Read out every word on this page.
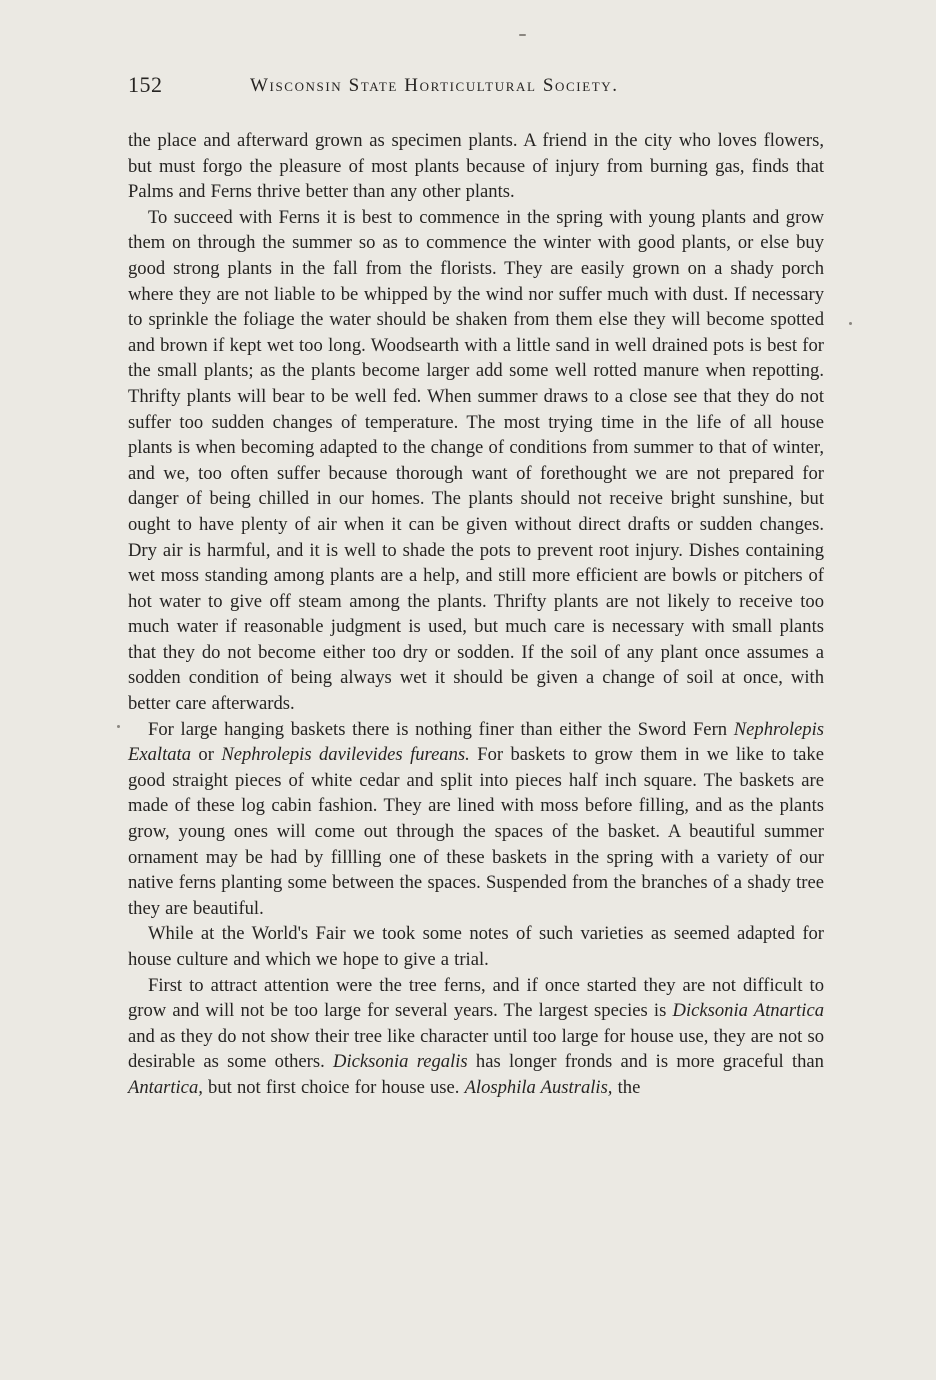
152	Wisconsin State Horticultural Society.

the place and afterward grown as specimen plants. A friend in the city who loves flowers, but must forgo the pleasure of most plants because of injury from burning gas, finds that Palms and Ferns thrive better than any other plants.

To succeed with Ferns it is best to commence in the spring with young plants and grow them on through the summer so as to commence the winter with good plants, or else buy good strong plants in the fall from the florists. They are easily grown on a shady porch where they are not liable to be whipped by the wind nor suffer much with dust. If necessary to sprinkle the foliage the water should be shaken from them else they will become spotted and brown if kept wet too long. Woodsearth with a little sand in well drained pots is best for the small plants; as the plants become larger add some well rotted manure when repotting. Thrifty plants will bear to be well fed. When summer draws to a close see that they do not suffer too sudden changes of temperature. The most trying time in the life of all house plants is when becoming adapted to the change of conditions from summer to that of winter, and we, too often suffer because thorough want of forethought we are not prepared for danger of being chilled in our homes. The plants should not receive bright sunshine, but ought to have plenty of air when it can be given without direct drafts or sudden changes. Dry air is harmful, and it is well to shade the pots to prevent root injury. Dishes containing wet moss standing among plants are a help, and still more efficient are bowls or pitchers of hot water to give off steam among the plants. Thrifty plants are not likely to receive too much water if reasonable judgment is used, but much care is necessary with small plants that they do not become either too dry or sodden. If the soil of any plant once assumes a sodden condition of being always wet it should be given a change of soil at once, with better care afterwards.

For large hanging baskets there is nothing finer than either the Sword Fern Nephrolepis Exaltata or Nephrolepis davilevides fureans. For baskets to grow them in we like to take good straight pieces of white cedar and split into pieces half inch square. The baskets are made of these log cabin fashion. They are lined with moss before filling, and as the plants grow, young ones will come out through the spaces of the basket. A beautiful summer ornament may be had by fillling one of these baskets in the spring with a variety of our native ferns planting some between the spaces. Suspended from the branches of a shady tree they are beautiful.

While at the World's Fair we took some notes of such varieties as seemed adapted for house culture and which we hope to give a trial.

First to attract attention were the tree ferns, and if once started they are not difficult to grow and will not be too large for several years. The largest species is Dicksonia Atnartica and as they do not show their tree like character until too large for house use, they are not so desirable as some others. Dicksonia regalis has longer fronds and is more graceful than Antartica, but not first choice for house use. Alosphila Australis, the
